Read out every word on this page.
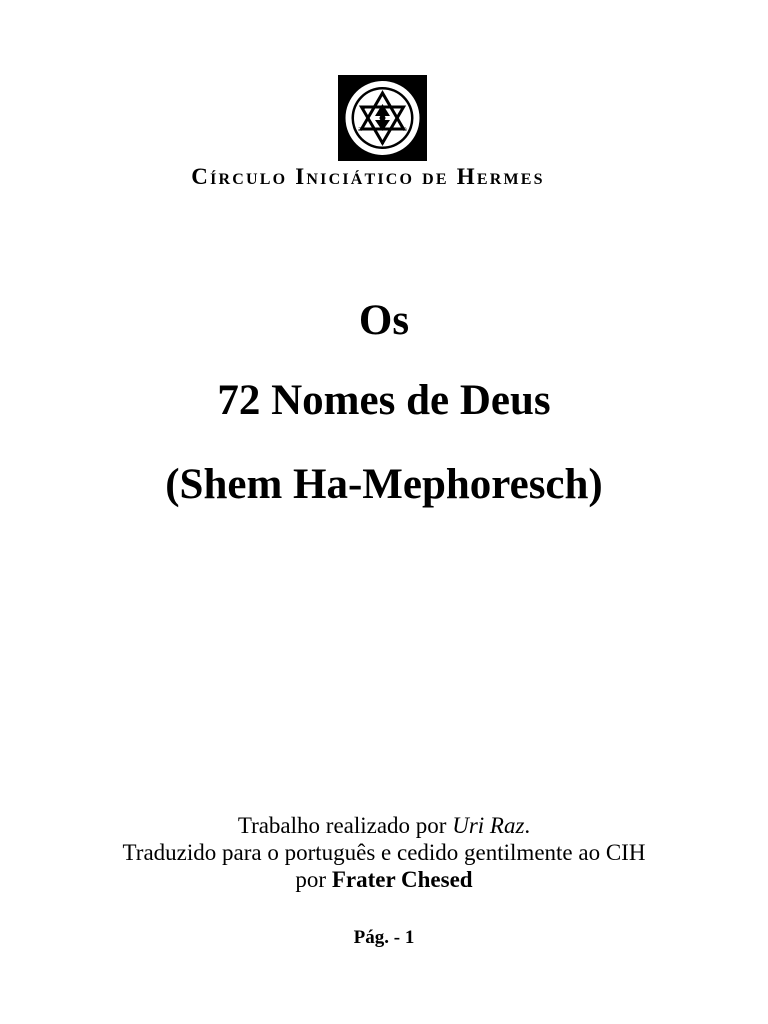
ד
ד	ד
ה	ה
ה
Círculo Iniciático de Hermes
Os
72 Nomes de Deus
(Shem Ha-Mephoresch)
Trabalho realizado por Uri Raz.
Traduzido para o português e cedido gentilmente ao CIH
por Frater Chesed
Pág. - 1
